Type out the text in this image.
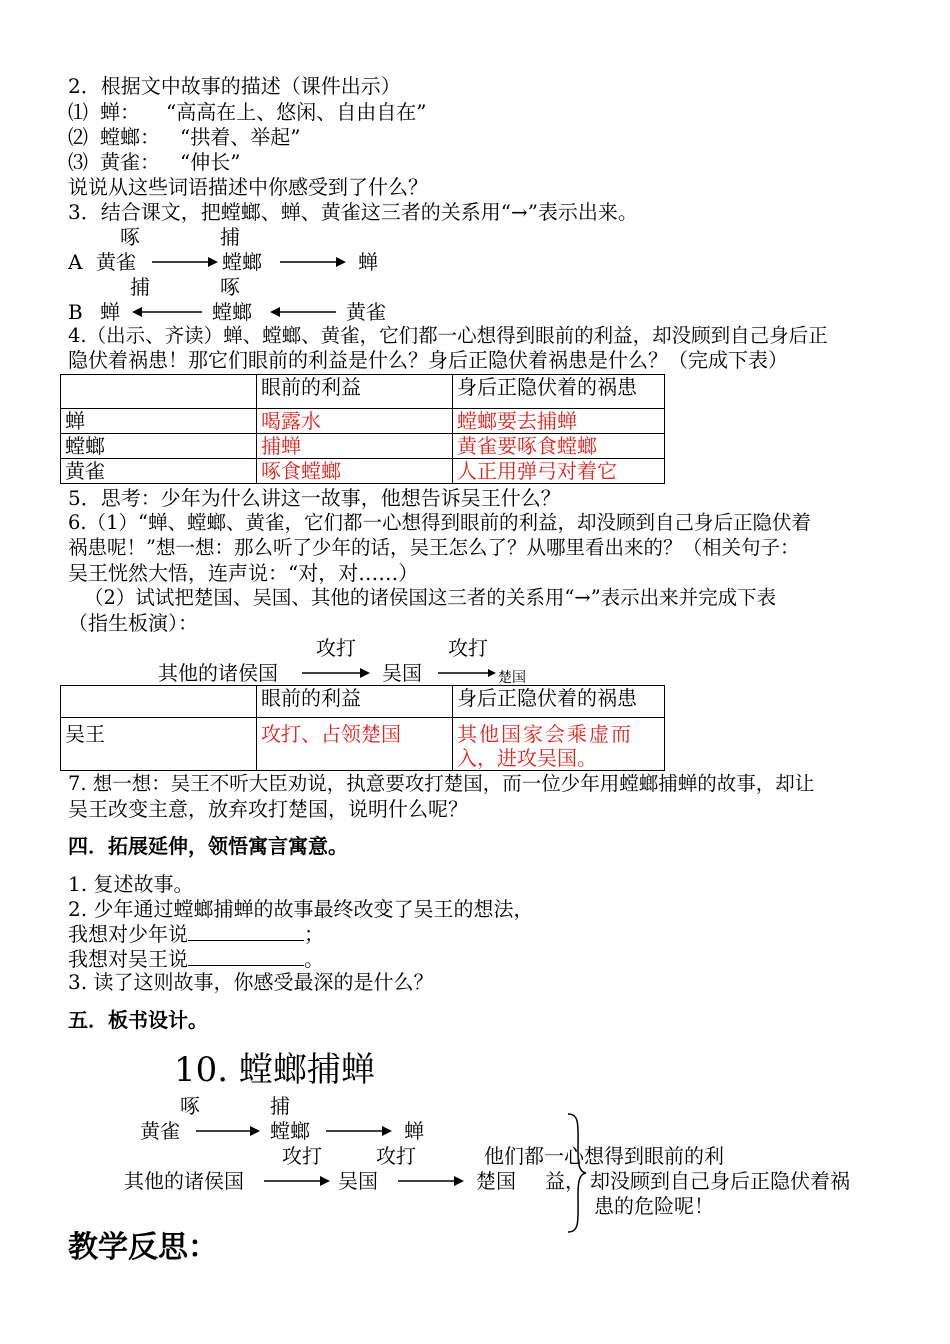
2．根据文中故事的描述（课件出示）
⑴ 蝉： “高高在上、悠闲、自由自在”
⑵ 螳螂： “拱着、举起”
⑶ 黄雀： “伸长”
说说从这些词语描述中你感受到了什么？
3．结合课文，把螳螂、蝉、黄雀这三者的关系用“→”表示出来。
啄	捕
A 黄雀	螳螂	蝉
捕	啄
B 蝉	螳螂	黄雀
4.（出示、齐读）蝉、螳螂、黄雀，它们都一心想得到眼前的利益，却没顾到自己身后正
隐伏着祸患！那它们眼前的利益是什么？身后正隐伏着祸患是什么？（完成下表）
	眼前的利益	身后正隐伏着的祸患
蝉	喝露水	螳螂要去捕蝉
螳螂	捕蝉	黄雀要啄食螳螂
黄雀	啄食螳螂	人正用弹弓对着它
5．思考：少年为什么讲这一故事，他想告诉吴王什么？
6.（1）“蝉、螳螂、黄雀，它们都一心想得到眼前的利益，却没顾到自己身后正隐伏着
祸患呢！”想一想：那么听了少年的话，吴王怎么了？从哪里看出来的？（相关句子：
吴王恍然大悟，连声说：“对，对……）
（2）试试把楚国、吴国、其他的诸侯国这三者的关系用“→”表示出来并完成下表
（指生板演）：
攻打	攻打
其他的诸侯国	吴国	楚国
	眼前的利益	身后正隐伏着的祸患
吴王	攻打、占领楚国	其他国家会乘虚而
入，进攻吴国。
7. 想一想：吴王不听大臣劝说，执意要攻打楚国，而一位少年用螳螂捕蝉的故事，却让
吴王改变主意，放弃攻打楚国，说明什么呢？
四．拓展延伸，领悟寓言寓意。
1. 复述故事。
2. 少年通过螳螂捕蝉的故事最终改变了吴王的想法，
我想对少年说	；
我想对吴王说	。
3. 读了这则故事，你感受最深的是什么？
五．板书设计。
10. 螳螂捕蝉
啄	捕
黄雀	螳螂	蝉
攻打	攻打
其他的诸侯国	吴国	楚国
他们都一心想得到眼前的利
益， 却没顾到自己身后正隐伏着祸
患的危险呢！
教学反思：
